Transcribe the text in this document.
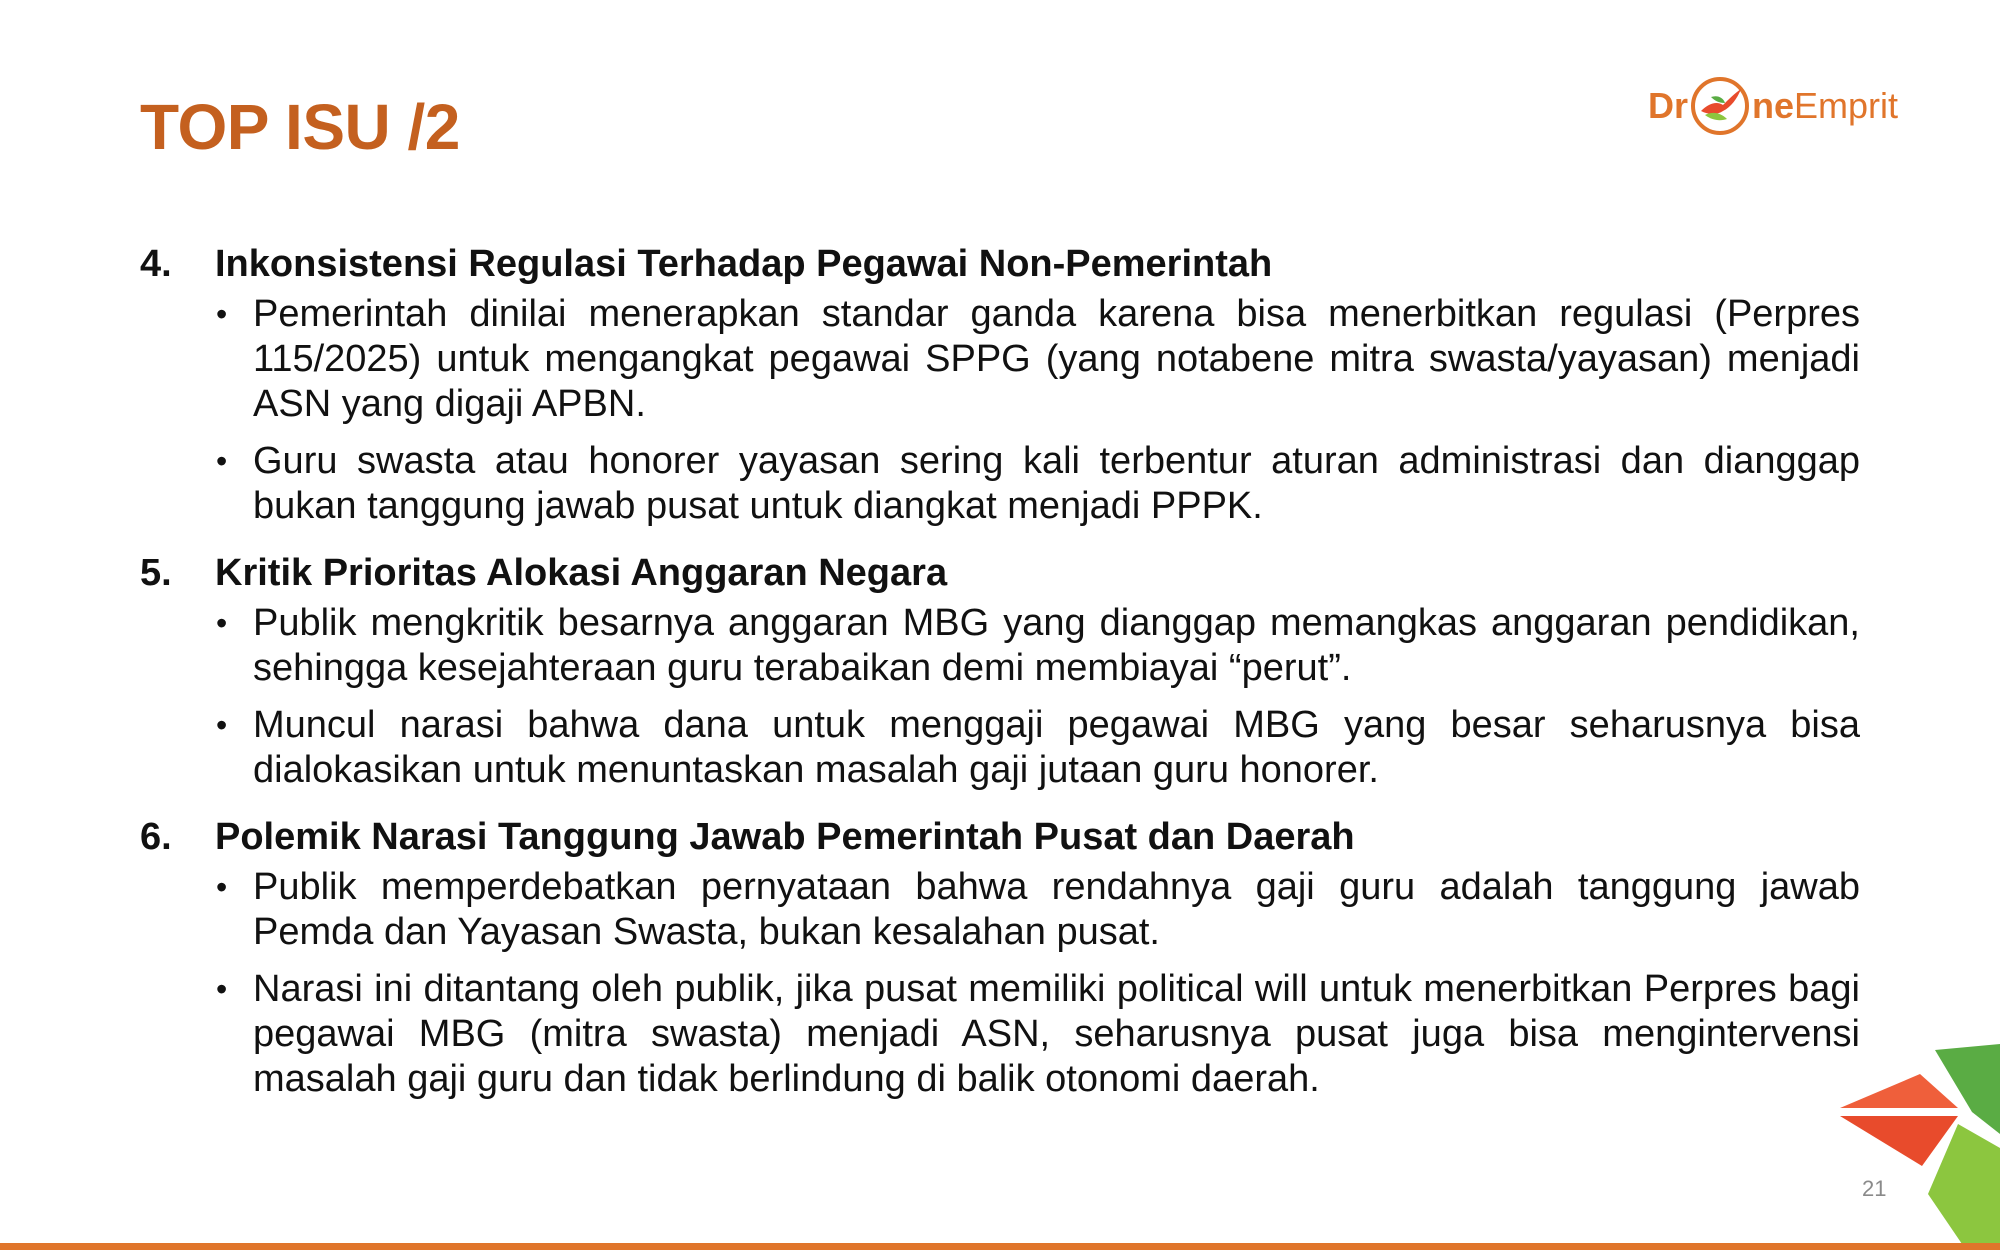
TOP ISU /2	Dr ne Emprit
4.	Inkonsistensi Regulasi Terhadap Pegawai Non-Pemerintah
• Pemerintah dinilai menerapkan standar ganda karena bisa menerbitkan regulasi (Perpres 115/2025) untuk mengangkat pegawai SPPG (yang notabene mitra swasta/yayasan) menjadi ASN yang digaji APBN.
• Guru swasta atau honorer yayasan sering kali terbentur aturan administrasi dan dianggap bukan tanggung jawab pusat untuk diangkat menjadi PPPK.
5.	Kritik Prioritas Alokasi Anggaran Negara
• Publik mengkritik besarnya anggaran MBG yang dianggap memangkas anggaran pendidikan, sehingga kesejahteraan guru terabaikan demi membiayai “perut”.
• Muncul narasi bahwa dana untuk menggaji pegawai MBG yang besar seharusnya bisa dialokasikan untuk menuntaskan masalah gaji jutaan guru honorer.
6.	Polemik Narasi Tanggung Jawab Pemerintah Pusat dan Daerah
• Publik memperdebatkan pernyataan bahwa rendahnya gaji guru adalah tanggung jawab Pemda dan Yayasan Swasta, bukan kesalahan pusat.
• Narasi ini ditantang oleh publik, jika pusat memiliki political will untuk menerbitkan Perpres bagi pegawai MBG (mitra swasta) menjadi ASN, seharusnya pusat juga bisa mengintervensi masalah gaji guru dan tidak berlindung di balik otonomi daerah.
21
